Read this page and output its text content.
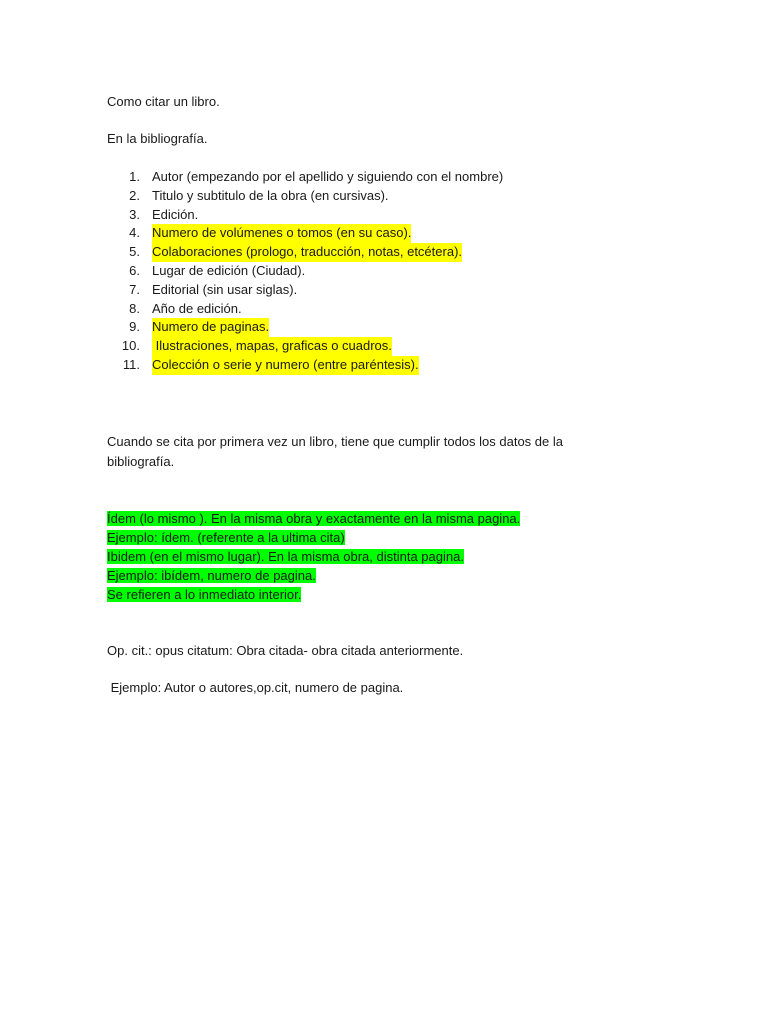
Como citar un libro.
En la bibliografía.
1. Autor (empezando por el apellido y siguiendo con el nombre)
2. Titulo y subtitulo de la obra (en cursivas).
3. Edición.
4. Numero de volúmenes o tomos (en su caso).
5. Colaboraciones (prologo, traducción, notas, etcétera).
6. Lugar de edición (Ciudad).
7. Editorial (sin usar siglas).
8. Año de edición.
9. Numero de paginas.
10. Ilustraciones, mapas, graficas o cuadros.
11. Colección o serie y numero (entre paréntesis).
Cuando se cita por primera vez un libro, tiene que cumplir todos los datos de la bibliografía.
Ídem (lo mismo ). En la misma obra y exactamente en la misma pagina.
Ejemplo: ídem. (referente a la ultima cita)
Ibidem (en el mismo lugar). En la misma obra, distinta pagina.
Ejemplo: ibídem, numero de pagina.
Se refieren a lo inmediato interior.
Op. cit.: opus citatum: Obra citada- obra citada anteriormente.
Ejemplo: Autor o autores,op.cit, numero de pagina.
